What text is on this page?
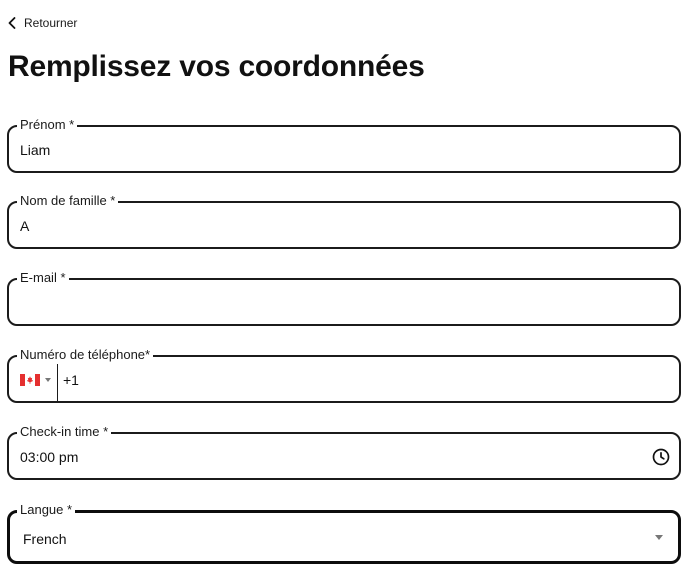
Retourner
Remplissez vos coordonnées
Prénom *
Liam
Nom de famille *
A
E-mail *
Numéro de téléphone*
+1
Check-in time *
03:00 pm
Langue *
French
